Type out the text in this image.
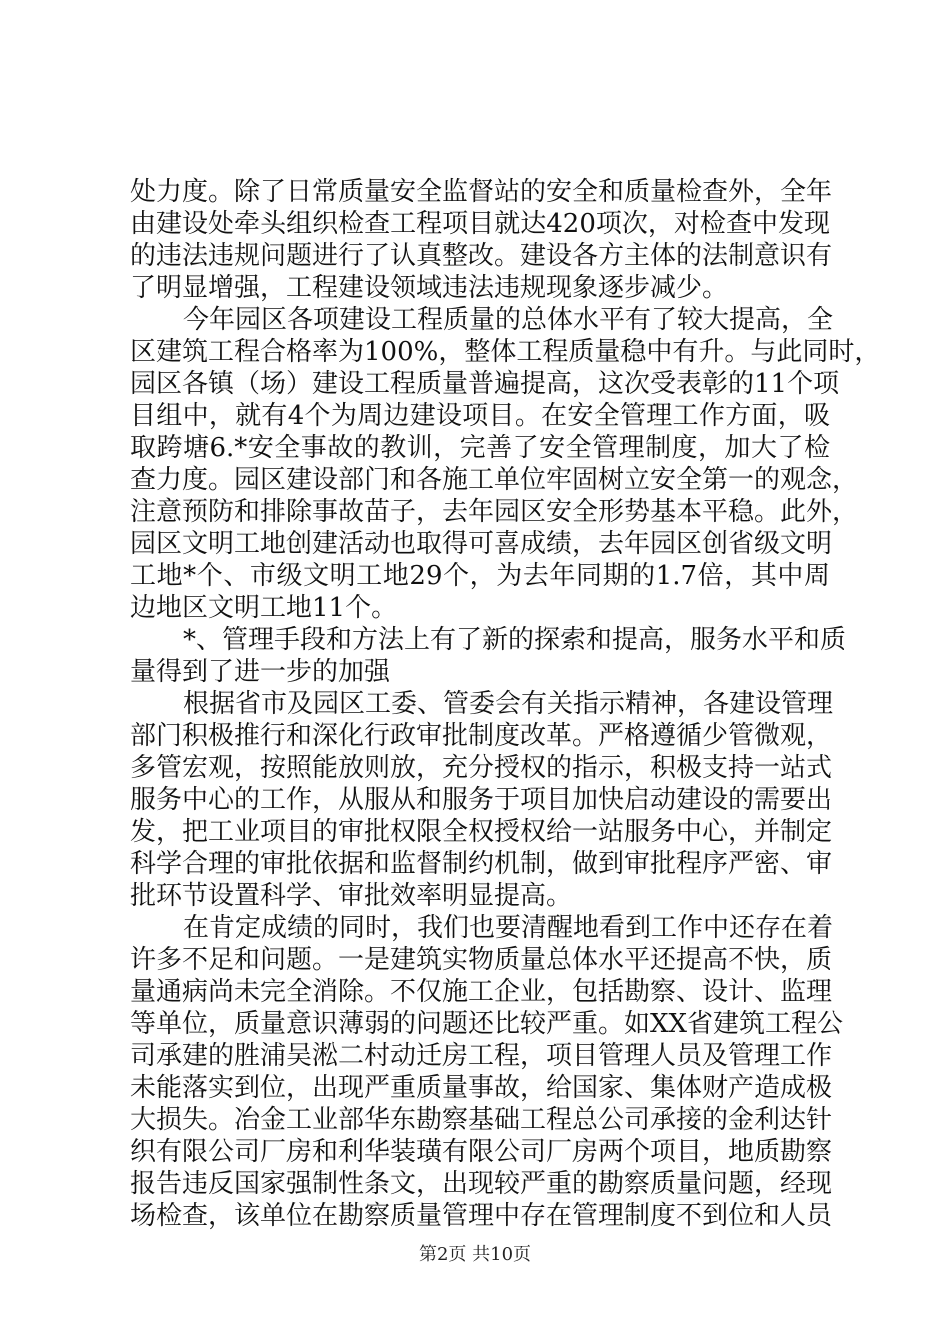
处力度。除了日常质量安全监督站的安全和质量检查外，全年
由建设处牵头组织检查工程项目就达420项次，对检查中发现
的违法违规问题进行了认真整改。建设各方主体的法制意识有
了明显增强，工程建设领域违法违规现象逐步减少。
今年园区各项建设工程质量的总体水平有了较大提高，全
区建筑工程合格率为100%，整体工程质量稳中有升。与此同时，
园区各镇（场）建设工程质量普遍提高，这次受表彰的11个项
目组中，就有4个为周边建设项目。在安全管理工作方面，吸
取跨塘6.*安全事故的教训，完善了安全管理制度，加大了检
查力度。园区建设部门和各施工单位牢固树立安全第一的观念，
注意预防和排除事故苗子，去年园区安全形势基本平稳。此外，
园区文明工地创建活动也取得可喜成绩，去年园区创省级文明
工地*个、市级文明工地29个，为去年同期的1.7倍，其中周
边地区文明工地11个。
*、管理手段和方法上有了新的探索和提高，服务水平和质
量得到了进一步的加强
根据省市及园区工委、管委会有关指示精神，各建设管理
部门积极推行和深化行政审批制度改革。严格遵循少管微观，
多管宏观，按照能放则放，充分授权的指示，积极支持一站式
服务中心的工作，从服从和服务于项目加快启动建设的需要出
发，把工业项目的审批权限全权授权给一站服务中心，并制定
科学合理的审批依据和监督制约机制，做到审批程序严密、审
批环节设置科学、审批效率明显提高。
在肯定成绩的同时，我们也要清醒地看到工作中还存在着
许多不足和问题。一是建筑实物质量总体水平还提高不快，质
量通病尚未完全消除。不仅施工企业，包括勘察、设计、监理
等单位，质量意识薄弱的问题还比较严重。如XX省建筑工程公
司承建的胜浦吴淞二村动迁房工程，项目管理人员及管理工作
未能落实到位，出现严重质量事故，给国家、集体财产造成极
大损失。冶金工业部华东勘察基础工程总公司承接的金利达针
织有限公司厂房和利华装璜有限公司厂房两个项目，地质勘察
报告违反国家强制性条文，出现较严重的勘察质量问题，经现
场检查，该单位在勘察质量管理中存在管理制度不到位和人员
第2页 共10页
